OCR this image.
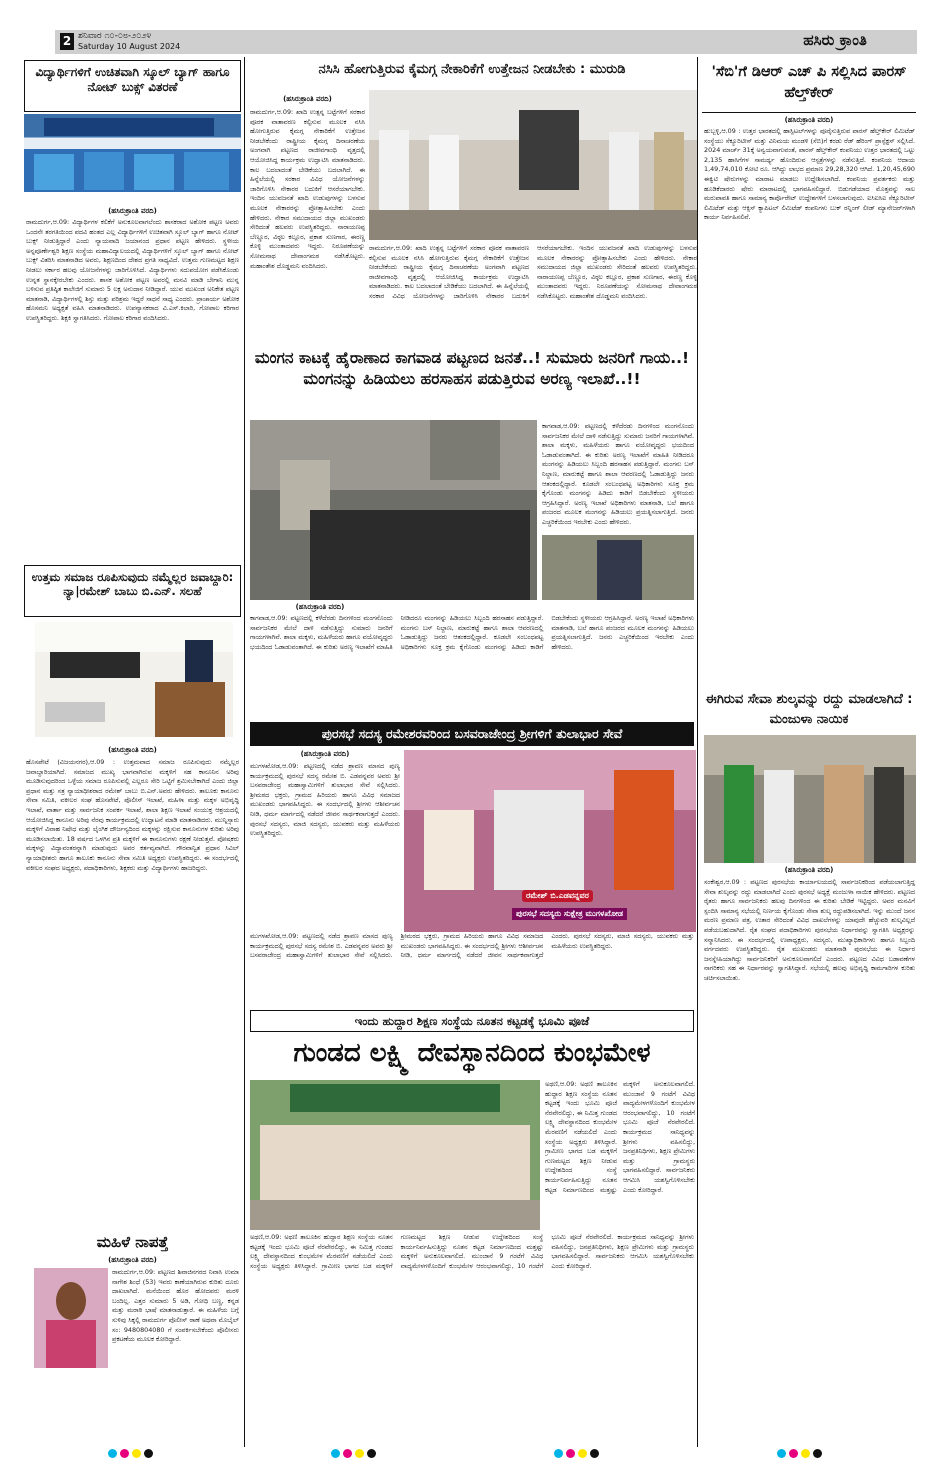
2 ಶನಿವಾರ ೧೦-೦೮-೨೦೨೪
Saturday 10 August 2024	ಹಸಿರು ಕ್ರಾಂತಿ
ವಿದ್ಯಾರ್ಥಿಗಳಿಗೆ ಉಚಿತವಾಗಿ ಸ್ಕೂಲ್ ಬ್ಯಾಗ್ ಹಾಗೂ ನೋಟ್ ಬುಕ್ಸ್ ವಿತರಣೆ
(ಹಸಿರುಕ್ರಾಂತಿ ವರದಿ)
ರಾಮದುರ್ಗ,ಆ.09: ವಿದ್ಯಾರ್ಥಿಗಳ ಕಲಿಕೆಗೆ ಅನುಕೂಲವಾಗಲೆಂದು ಶಾಸಕರಾದ ಅಶೋಕ ಪಟ್ಟಣ ಅವರು ಒಂದನೇ ತರಗತಿಯಿಂದ ಪದವಿ ಹಂತದ ಎಲ್ಲ ವಿದ್ಯಾರ್ಥಿಗಳಿಗೆ ಉಚಿತವಾಗಿ ಸ್ಕೂಲ್ ಬ್ಯಾಗ್ ಹಾಗೂ ನೋಟ್ ಬುಕ್ಸ್ ನೀಡುತ್ತಿದ್ದಾರೆ ಎಂದು ನ್ಯಾಯವಾದಿ ಜಯಾನಂದ ಪ್ರಧಾನ ಪಟ್ಟಣ ಹೇಳಿದರು. ಸ್ಥಳೀಯ ಅನ್ನಪೂರ್ಣೇಶ್ವರಿ ಶಿಕ್ಷಣ ಸಂಸ್ಥೆಯ ಮಹಾವಿದ್ಯಾಲಯದಲ್ಲಿ ವಿದ್ಯಾರ್ಥಿಗಳಿಗೆ ಸ್ಕೂಲ್ ಬ್ಯಾಗ್ ಹಾಗೂ ನೋಟ್ ಬುಕ್ಸ್ ವಿತರಿಸಿ ಮಾತನಾಡಿದ ಅವರು, ಶಿಕ್ಷಣದಿಂದ ದೇಶದ ಪ್ರಗತಿ ಸಾಧ್ಯವಿದೆ. ಉತ್ತಮ ಗುಣಮಟ್ಟದ ಶಿಕ್ಷಣ ನೀಡಲು ಸರ್ಕಾರ ಹಲವು ಯೋಜನೆಗಳನ್ನು ಜಾರಿಗೊಳಿಸಿದೆ. ವಿದ್ಯಾರ್ಥಿಗಳು ಸದುಪಯೋಗ ಪಡೆಸಿಕೊಂಡು ಉನ್ನತ ಸ್ಥಾನಕ್ಕೇರಬೇಕು ಎಂದರು. ಶಾಸಕ ಅಶೋಕ ಪಟ್ಟಣ ಅವರಲ್ಲಿ ಮನವಿ ಮಾಡಿ ಬೇಗಾನಿ ಮುನ್ನ ಬಳಿಸುವ ಪ್ರತಿಷ್ಠಿತ ಕಾಲೇಜಿಗೆ ಸುಮಾರು 5 ಲಕ್ಷ ಅನುದಾನ ನೀಡಿದ್ದಾರೆ. ಯುವ ಮುಖಂಡ ಅನಿಕೇತ ಪಟ್ಟಣ ಮಾತನಾಡಿ, ವಿದ್ಯಾರ್ಥಿಗಳಲ್ಲಿ ಶಿಸ್ತು ಮತ್ತು ಪರಿಶ್ರಮ ಇದ್ದರೆ ಸಾಧನೆ ಸಾಧ್ಯ ಎಂದರು. ಪ್ರಾಚಾರ್ಯ ಅಶೋಕ ಹೊಸಮನಿ ಅಧ್ಯಕ್ಷತೆ ವಹಿಸಿ ಮಾತನಾಡಿದರು. ಉಪನ್ಯಾಸಕರಾದ ವಿ.ಎಸ್.ಕಿಲಾರಿ, ಗೋಪಾಲ ಕರಿಗಾರ ಉಪಸ್ಥಿತರಿದ್ದರು. ಶಿಕ್ಷಕಿ ಸ್ವಾಗತಿಸಿದರು. ಗೋಪಾಲ ಕರಿಗಾರ ವಂದಿಸಿದರು.
ಉತ್ತಮ ಸಮಾಜ ರೂಪಿಸುವುದು ನಮ್ಮೆಲ್ಲರ ಜವಾಬ್ದಾರಿ: ನ್ಯಾ|ರಮೇಶ್ ಬಾಬು ಬಿ.ಎನ್. ಸಲಹೆ
(ಹಸಿರುಕ್ರಾಂತಿ ವರದಿ)
ಹೊಸಪೇಟೆ (ವಿಜಯನಗರ),ಆ.09 : ಉತ್ತಮವಾದ ಸಮಾಜ ರೂಪಿಸುವುದು ನಮ್ಮೆಲ್ಲರ ಜವಾಬ್ದಾರಿಯಾಗಿದೆ. ಸಮಾಜದ ಮುಖ್ಯ ಭಾಗವಾಗಿರುವ ಮಕ್ಕಳಿಗೆ ಸಹ ಕಾನೂನಿನ ಅರಿವು ಮೂಡಿಸುವುದರಿಂದ ಒಳ್ಳೆಯ ಸಮಾಜ ರೂಪಿಸುವಲ್ಲಿ ಎಲ್ಲರೂ ಸೇರಿ ಒಟ್ಟಿಗೆ ಶ್ರಮಿಸಬೇಕಾಗಿದೆ ಎಂದು ಜಿಲ್ಲಾ ಪ್ರಧಾನ ಮತ್ತು ಸತ್ರ ನ್ಯಾಯಾಧೀಶರಾದ ರಮೇಶ್ ಬಾಬು ಬಿ.ಎನ್.ಅವರು ಹೇಳಿದರು. ತಾಲೂಕು ಕಾನೂನು ಸೇವಾ ಸಮಿತಿ, ವಕೀಲರ ಸಂಘ ಹೊಸಪೇಟೆ, ಪೊಲೀಸ್ ಇಲಾಖೆ, ಮಹಿಳಾ ಮತ್ತು ಮಕ್ಕಳ ಅಭಿವೃದ್ಧಿ ಇಲಾಖೆ, ವಾರ್ತಾ ಮತ್ತು ಸಾರ್ವಜನಿಕ ಸಂಪರ್ಕ ಇಲಾಖೆ, ಶಾಲಾ ಶಿಕ್ಷಣ ಇಲಾಖೆ ಸಂಯುಕ್ತ ಆಶ್ರಯದಲ್ಲಿ ಆಯೋಜಿಸಿದ್ದ ಕಾನೂನು ಅರಿವು ನೆರವು ಕಾರ್ಯಕ್ರಮದಲ್ಲಿ ಉದ್ಘಾಟನೆ ಮಾಡಿ ಮಾತನಾಡಿದರು. ಮುನ್ನಿಸ್ಸಾರು ಮಕ್ಕಳಿಗೆ ವಿವಾಹ ನಿಷೇಧ ಮತ್ತು ಲೈಂಗಿಕ ದೌರ್ಜನ್ಯದಿಂದ ಮಕ್ಕಳನ್ನು ರಕ್ಷಿಸುವ ಕಾನೂನುಗಳ ಕುರಿತು ಅರಿವು ಮೂಡಿಸಲಾಯಿತು. 18 ವರ್ಷದ ಒಳಗಿನ ಪ್ರತಿ ಮಕ್ಕಳಿಗೆ ಈ ಕಾನೂನುಗಳು ರಕ್ಷಣೆ ನೀಡುತ್ತವೆ. ಪೋಷಕರು ಮಕ್ಕಳನ್ನು ವಿದ್ಯಾವಂತರನ್ನಾಗಿ ಮಾಡುವುದು ಅವರ ಕರ್ತವ್ಯವಾಗಿದೆ. ಗೌರವಾನ್ವಿತ ಪ್ರಧಾನ ಸಿವಿಲ್ ನ್ಯಾಯಾಧೀಶರು ಹಾಗೂ ತಾಲೂಕು ಕಾನೂನು ಸೇವಾ ಸಮಿತಿ ಅಧ್ಯಕ್ಷರು ಉಪಸ್ಥಿತರಿದ್ದರು. ಈ ಸಂದರ್ಭದಲ್ಲಿ ವಕೀಲರ ಸಂಘದ ಅಧ್ಯಕ್ಷರು, ಪದಾಧಿಕಾರಿಗಳು, ಶಿಕ್ಷಕರು ಮತ್ತು ವಿದ್ಯಾರ್ಥಿಗಳು ಹಾಜರಿದ್ದರು.
ಮಹಿಳೆ ನಾಪತ್ತೆ
(ಹಸಿರುಕ್ರಾಂತಿ ವರದಿ)
ರಾಮದುರ್ಗ,ಆ.09: ಪಟ್ಟಣದ ಶಿವಾಜಿನಗರದ ನಿವಾಸಿ ಉಮಾ ನಾಗೇಶ ಶಿಂಧೆ (53) ಇವರು ಕಾಣೆಯಾಗಿರುವ ಕುರಿತು ದೂರು ದಾಖಲಾಗಿದೆ. ಮನೆಯಿಂದ ಹೊರ ಹೋದವರು ಮರಳಿ ಬಂದಿಲ್ಲ. ಎತ್ತರ ಸುಮಾರು 5 ಅಡಿ, ಗೋಧಿ ಬಣ್ಣ, ಕನ್ನಡ ಮತ್ತು ಮರಾಠಿ ಭಾಷೆ ಮಾತನಾಡುತ್ತಾರೆ. ಈ ಮಹಿಳೆಯ ಬಗ್ಗೆ ಸುಳಿವು ಸಿಕ್ಕಲ್ಲಿ ರಾಮದುರ್ಗ ಪೊಲೀಸ್ ಠಾಣೆ ಅಥವಾ ಮೊಬೈಲ್ ಸಂ: 9480804080 ಗೆ ಸಂಪರ್ಕಿಸಬೇಕೆಂದು ಪೊಲೀಸರು ಪ್ರಕಟಣೆಯ ಮೂಲಕ ಕೋರಿದ್ದಾರೆ.
ನಸಿಸಿ ಹೋಗುತ್ತಿರುವ ಕೈಮಗ್ಗ ನೇಕಾರಿಕೆಗೆ ಉತ್ತೇಜನ ನೀಡಬೇಕು : ಮುರುಡಿ
(ಹಸಿರುಕ್ರಾಂತಿ ವರದಿ)
ರಾಮದುರ್ಗ,ಆ.09: ಖಾದಿ ಉತ್ಪನ್ನ ಬಟ್ಟೆಗಳಿಗೆ ಸರಕಾರ ಪೂರಕ ವಾತಾವರಣ ಕಲ್ಪಿಸುವ ಮೂಲಕ ನಸಿಸಿ ಹೋಗುತ್ತಿರುವ ಕೈಮಗ್ಗ ನೇಕಾರಿಕೆಗೆ ಉತ್ತೇಜನ ನೀಡಬೇಕೆಂದು ರಾಷ್ಟ್ರೀಯ ಕೈಮಗ್ಗ ದಿನಾಚರಣೆಯ ಅಂಗವಾಗಿ ಪಟ್ಟಣದ ರಾಜೀವಗಾಂಧಿ ವೃತ್ತದಲ್ಲಿ ಆಯೋಜಿಸಿದ್ದ ಕಾರ್ಯಕ್ರಮ ಉದ್ಘಾಟಿಸಿ ಮಾತನಾಡಿದರು. ಕಾಲ ಬದಲಾದಂತೆ ಬೇಡಿಕೆಯು ಬದಲಾಗಿದೆ. ಈ ಹಿನ್ನೆಲೆಯಲ್ಲಿ ಸರಕಾರ ವಿವಿಧ ಯೋಜನೆಗಳನ್ನು ಜಾರಿಗೊಳಿಸಿ ನೇಕಾರರ ಬದುಕಿಗೆ ಆಸರೆಯಾಗಬೇಕು. ಇಂದಿನ ಯುವಜನತೆ ಖಾದಿ ಉಡುಪುಗಳನ್ನು ಬಳಸುವ ಮೂಲಕ ನೇಕಾರರನ್ನು ಪ್ರೋತ್ಸಾಹಿಸಬೇಕು ಎಂದು ಹೇಳಿದರು. ನೇಕಾರ ಸಮುದಾಯದ ಜಿಲ್ಲಾ ಮುಖಂಡರು ಸೇರಿದಂತೆ ಹಲವರು ಉಪಸ್ಥಿತರಿದ್ದರು. ನಾರಾಯಣಪ್ಪ ಬೆಣ್ಣೂರ, ವಿಠ್ಠಲ ಕಲ್ಲೂರ, ಪ್ರಕಾಶ ಸುಣಗಾರ, ಈರಣ್ಣ ಕೊಳ್ಳಿ ಮುಂತಾದವರು ಇದ್ದರು. ನಿರೂಪಣೆಯನ್ನು ಸೋಮನಾಥ ದೇವಾಂಗಮಠ ನಡೆಸಿಕೊಟ್ಟರು. ಮಹಾಂತೇಶ ದೊಡ್ಡಮನಿ ವಂದಿಸಿದರು.
ರಾಮದುರ್ಗ,ಆ.09: ಖಾದಿ ಉತ್ಪನ್ನ ಬಟ್ಟೆಗಳಿಗೆ ಸರಕಾರ ಪೂರಕ ವಾತಾವರಣ ಕಲ್ಪಿಸುವ ಮೂಲಕ ನಸಿಸಿ ಹೋಗುತ್ತಿರುವ ಕೈಮಗ್ಗ ನೇಕಾರಿಕೆಗೆ ಉತ್ತೇಜನ ನೀಡಬೇಕೆಂದು ರಾಷ್ಟ್ರೀಯ ಕೈಮಗ್ಗ ದಿನಾಚರಣೆಯ ಅಂಗವಾಗಿ ಪಟ್ಟಣದ ರಾಜೀವಗಾಂಧಿ ವೃತ್ತದಲ್ಲಿ ಆಯೋಜಿಸಿದ್ದ ಕಾರ್ಯಕ್ರಮ ಉದ್ಘಾಟಿಸಿ ಮಾತನಾಡಿದರು. ಕಾಲ ಬದಲಾದಂತೆ ಬೇಡಿಕೆಯು ಬದಲಾಗಿದೆ. ಈ ಹಿನ್ನೆಲೆಯಲ್ಲಿ ಸರಕಾರ ವಿವಿಧ ಯೋಜನೆಗಳನ್ನು ಜಾರಿಗೊಳಿಸಿ ನೇಕಾರರ ಬದುಕಿಗೆ ಆಸರೆಯಾಗಬೇಕು. ಇಂದಿನ ಯುವಜನತೆ ಖಾದಿ ಉಡುಪುಗಳನ್ನು ಬಳಸುವ ಮೂಲಕ ನೇಕಾರರನ್ನು ಪ್ರೋತ್ಸಾಹಿಸಬೇಕು ಎಂದು ಹೇಳಿದರು. ನೇಕಾರ ಸಮುದಾಯದ ಜಿಲ್ಲಾ ಮುಖಂಡರು ಸೇರಿದಂತೆ ಹಲವರು ಉಪಸ್ಥಿತರಿದ್ದರು. ನಾರಾಯಣಪ್ಪ ಬೆಣ್ಣೂರ, ವಿಠ್ಠಲ ಕಲ್ಲೂರ, ಪ್ರಕಾಶ ಸುಣಗಾರ, ಈರಣ್ಣ ಕೊಳ್ಳಿ ಮುಂತಾದವರು ಇದ್ದರು. ನಿರೂಪಣೆಯನ್ನು ಸೋಮನಾಥ ದೇವಾಂಗಮಠ ನಡೆಸಿಕೊಟ್ಟರು. ಮಹಾಂತೇಶ ದೊಡ್ಡಮನಿ ವಂದಿಸಿದರು.
ಮಂಗನ ಕಾಟಕ್ಕೆ ಹೈರಾಣಾದ ಕಾಗವಾಡ ಪಟ್ಟಣದ ಜನತೆ..! ಸುಮಾರು ಜನರಿಗೆ ಗಾಯ..! ಮಂಗನನ್ನು ಹಿಡಿಯಲು ಹರಸಾಹಸ ಪಡುತ್ತಿರುವ ಅರಣ್ಯ ಇಲಾಖೆ..!!
ಕಾಗವಾಡ,ಆ.09: ಪಟ್ಟಣದಲ್ಲಿ ಕಳೆದೆರಡು ದಿನಗಳಿಂದ ಮಂಗನೊಂದು ಸಾರ್ವಜನಿಕರ ಮೇಲೆ ದಾಳಿ ನಡೆಸುತ್ತಿದ್ದು ಸುಮಾರು ಜನರಿಗೆ ಗಾಯಗಳಾಗಿವೆ. ಶಾಲಾ ಮಕ್ಕಳು, ಮಹಿಳೆಯರು ಹಾಗೂ ವಯೋವೃದ್ಧರು ಭಯದಿಂದ ಓಡಾಡುವಂತಾಗಿದೆ. ಈ ಕುರಿತು ಅರಣ್ಯ ಇಲಾಖೆಗೆ ಮಾಹಿತಿ ನೀಡಿದರೂ ಮಂಗನನ್ನು ಹಿಡಿಯಲು ಸಿಬ್ಬಂದಿ ಹರಸಾಹಸ ಪಡುತ್ತಿದ್ದಾರೆ. ಮಂಗನು ಬಸ್ ನಿಲ್ದಾಣ, ಮಾರುಕಟ್ಟೆ ಹಾಗೂ ಶಾಲಾ ಆವರಣದಲ್ಲಿ ಓಡಾಡುತ್ತಿದ್ದು ಜನರು ಆತಂಕದಲ್ಲಿದ್ದಾರೆ. ಕೂಡಲೇ ಸಂಬಂಧಪಟ್ಟ ಅಧಿಕಾರಿಗಳು ಸೂಕ್ತ ಕ್ರಮ ಕೈಗೊಂಡು ಮಂಗನನ್ನು ಹಿಡಿದು ಕಾಡಿಗೆ ಬಿಡಬೇಕೆಂದು ಸ್ಥಳೀಯರು ಆಗ್ರಹಿಸಿದ್ದಾರೆ. ಅರಣ್ಯ ಇಲಾಖೆ ಅಧಿಕಾರಿಗಳು ಮಾತನಾಡಿ, ಬಲೆ ಹಾಗೂ ಪಂಜರದ ಮೂಲಕ ಮಂಗನನ್ನು ಹಿಡಿಯಲು ಪ್ರಯತ್ನಿಸಲಾಗುತ್ತಿದೆ. ಜನರು ಎಚ್ಚರಿಕೆಯಿಂದ ಇರಬೇಕು ಎಂದು ಹೇಳಿದರು.
(ಹಸಿರುಕ್ರಾಂತಿ ವರದಿ)
ಕಾಗವಾಡ,ಆ.09: ಪಟ್ಟಣದಲ್ಲಿ ಕಳೆದೆರಡು ದಿನಗಳಿಂದ ಮಂಗನೊಂದು ಸಾರ್ವಜನಿಕರ ಮೇಲೆ ದಾಳಿ ನಡೆಸುತ್ತಿದ್ದು ಸುಮಾರು ಜನರಿಗೆ ಗಾಯಗಳಾಗಿವೆ. ಶಾಲಾ ಮಕ್ಕಳು, ಮಹಿಳೆಯರು ಹಾಗೂ ವಯೋವೃದ್ಧರು ಭಯದಿಂದ ಓಡಾಡುವಂತಾಗಿದೆ. ಈ ಕುರಿತು ಅರಣ್ಯ ಇಲಾಖೆಗೆ ಮಾಹಿತಿ ನೀಡಿದರೂ ಮಂಗನನ್ನು ಹಿಡಿಯಲು ಸಿಬ್ಬಂದಿ ಹರಸಾಹಸ ಪಡುತ್ತಿದ್ದಾರೆ. ಮಂಗನು ಬಸ್ ನಿಲ್ದಾಣ, ಮಾರುಕಟ್ಟೆ ಹಾಗೂ ಶಾಲಾ ಆವರಣದಲ್ಲಿ ಓಡಾಡುತ್ತಿದ್ದು ಜನರು ಆತಂಕದಲ್ಲಿದ್ದಾರೆ. ಕೂಡಲೇ ಸಂಬಂಧಪಟ್ಟ ಅಧಿಕಾರಿಗಳು ಸೂಕ್ತ ಕ್ರಮ ಕೈಗೊಂಡು ಮಂಗನನ್ನು ಹಿಡಿದು ಕಾಡಿಗೆ ಬಿಡಬೇಕೆಂದು ಸ್ಥಳೀಯರು ಆಗ್ರಹಿಸಿದ್ದಾರೆ. ಅರಣ್ಯ ಇಲಾಖೆ ಅಧಿಕಾರಿಗಳು ಮಾತನಾಡಿ, ಬಲೆ ಹಾಗೂ ಪಂಜರದ ಮೂಲಕ ಮಂಗನನ್ನು ಹಿಡಿಯಲು ಪ್ರಯತ್ನಿಸಲಾಗುತ್ತಿದೆ. ಜನರು ಎಚ್ಚರಿಕೆಯಿಂದ ಇರಬೇಕು ಎಂದು ಹೇಳಿದರು.
ಪುರಸಭೆ ಸದಸ್ಯ ರಮೇಶರವರಿಂದ ಬಸವರಾಜೇಂದ್ರ ಶ್ರೀಗಳಿಗೆ ತುಲಾಭಾರ ಸೇವೆ
(ಹಸಿರುಕ್ರಾಂತಿ ವರದಿ)
ಮುಗಳಖೋಡ,ಆ.09: ಪಟ್ಟಣದಲ್ಲಿ ನಡೆದ ಶ್ರಾವಣ ಮಾಸದ ಪುಣ್ಯ ಕಾರ್ಯಕ್ರಮದಲ್ಲಿ ಪುರಸಭೆ ಸದಸ್ಯ ರಮೇಶ ಬಿ. ಎಡವನ್ನವರ ಅವರು ಶ್ರೀ ಬಸವರಾಜೇಂದ್ರ ಮಹಾಸ್ವಾಮಿಗಳಿಗೆ ತುಲಾಭಾರ ಸೇವೆ ಸಲ್ಲಿಸಿದರು. ಶ್ರೀಮಠದ ಭಕ್ತರು, ಗ್ರಾಮದ ಹಿರಿಯರು ಹಾಗೂ ವಿವಿಧ ಸಮಾಜದ ಮುಖಂಡರು ಭಾಗವಹಿಸಿದ್ದರು. ಈ ಸಂದರ್ಭದಲ್ಲಿ ಶ್ರೀಗಳು ಆಶೀರ್ವಚನ ನೀಡಿ, ಧರ್ಮ ಮಾರ್ಗದಲ್ಲಿ ನಡೆದರೆ ಜೀವನ ಸಾರ್ಥಕವಾಗುತ್ತದೆ ಎಂದರು. ಪುರಸಭೆ ಸದಸ್ಯರು, ಮಾಜಿ ಸದಸ್ಯರು, ಯುವಕರು ಮತ್ತು ಮಹಿಳೆಯರು ಉಪಸ್ಥಿತರಿದ್ದರು.
ರಮೇಶ್ ಬಿ.ಎಡವನ್ನವರ
ಪುರಸಭೆ ಸದಸ್ಯರು ಸುಕ್ಷೇತ್ರ ಮುಗಳಖೋಡ
ಮುಗಳಖೋಡ,ಆ.09: ಪಟ್ಟಣದಲ್ಲಿ ನಡೆದ ಶ್ರಾವಣ ಮಾಸದ ಪುಣ್ಯ ಕಾರ್ಯಕ್ರಮದಲ್ಲಿ ಪುರಸಭೆ ಸದಸ್ಯ ರಮೇಶ ಬಿ. ಎಡವನ್ನವರ ಅವರು ಶ್ರೀ ಬಸವರಾಜೇಂದ್ರ ಮಹಾಸ್ವಾಮಿಗಳಿಗೆ ತುಲಾಭಾರ ಸೇವೆ ಸಲ್ಲಿಸಿದರು. ಶ್ರೀಮಠದ ಭಕ್ತರು, ಗ್ರಾಮದ ಹಿರಿಯರು ಹಾಗೂ ವಿವಿಧ ಸಮಾಜದ ಮುಖಂಡರು ಭಾಗವಹಿಸಿದ್ದರು. ಈ ಸಂದರ್ಭದಲ್ಲಿ ಶ್ರೀಗಳು ಆಶೀರ್ವಚನ ನೀಡಿ, ಧರ್ಮ ಮಾರ್ಗದಲ್ಲಿ ನಡೆದರೆ ಜೀವನ ಸಾರ್ಥಕವಾಗುತ್ತದೆ ಎಂದರು. ಪುರಸಭೆ ಸದಸ್ಯರು, ಮಾಜಿ ಸದಸ್ಯರು, ಯುವಕರು ಮತ್ತು ಮಹಿಳೆಯರು ಉಪಸ್ಥಿತರಿದ್ದರು.
ಇಂದು ಹುದ್ದಾರ ಶಿಕ್ಷಣ ಸಂಸ್ಥೆಯ ನೂತನ ಕಟ್ಟಡಕ್ಕೆ ಭೂಮಿ ಪೂಜೆ
ಗುಂಡದ ಲಕ್ಷ್ಮಿ ದೇವಸ್ಥಾನದಿಂದ ಕುಂಭಮೇಳ
ಅಥಣಿ,ಆ.09: ಅಥಣಿ ತಾಲೂಕಿನ ಹುದ್ದಾರ ಶಿಕ್ಷಣ ಸಂಸ್ಥೆಯ ನೂತನ ಕಟ್ಟಡಕ್ಕೆ ಇಂದು ಭೂಮಿ ಪೂಜೆ ನೆರವೇರಲಿದ್ದು, ಈ ನಿಮಿತ್ತ ಗುಂಡದ ಲಕ್ಷ್ಮಿ ದೇವಸ್ಥಾನದಿಂದ ಕುಂಭಮೇಳ ಮೆರವಣಿಗೆ ನಡೆಯಲಿದೆ ಎಂದು ಸಂಸ್ಥೆಯ ಅಧ್ಯಕ್ಷರು ತಿಳಿಸಿದ್ದಾರೆ. ಗ್ರಾಮೀಣ ಭಾಗದ ಬಡ ಮಕ್ಕಳಿಗೆ ಗುಣಮಟ್ಟದ ಶಿಕ್ಷಣ ನೀಡುವ ಉದ್ದೇಶದಿಂದ ಸಂಸ್ಥೆ ಕಾರ್ಯನಿರ್ವಹಿಸುತ್ತಿದ್ದು ನೂತನ ಕಟ್ಟಡ ನಿರ್ಮಾಣದಿಂದ ಮತ್ತಷ್ಟು ಮಕ್ಕಳಿಗೆ ಅನುಕೂಲವಾಗಲಿದೆ. ಮುಂಜಾನೆ 9 ಗಂಟೆಗೆ ವಿವಿಧ ವಾದ್ಯಮೇಳಗಳೊಂದಿಗೆ ಕುಂಭಮೇಳ ಆರಂಭವಾಗಲಿದ್ದು, 10 ಗಂಟೆಗೆ ಭೂಮಿ ಪೂಜೆ ನೆರವೇರಲಿದೆ. ಕಾರ್ಯಕ್ರಮದ ಸಾನಿಧ್ಯವನ್ನು ಶ್ರೀಗಳು ವಹಿಸಲಿದ್ದು, ಜನಪ್ರತಿನಿಧಿಗಳು, ಶಿಕ್ಷಣ ಪ್ರೇಮಿಗಳು ಮತ್ತು ಗ್ರಾಮಸ್ಥರು ಭಾಗವಹಿಸಲಿದ್ದಾರೆ. ಸಾರ್ವಜನಿಕರು ಆಗಮಿಸಿ ಯಶಸ್ವಿಗೊಳಿಸಬೇಕು ಎಂದು ಕೋರಿದ್ದಾರೆ.
ಅಥಣಿ,ಆ.09: ಅಥಣಿ ತಾಲೂಕಿನ ಹುದ್ದಾರ ಶಿಕ್ಷಣ ಸಂಸ್ಥೆಯ ನೂತನ ಕಟ್ಟಡಕ್ಕೆ ಇಂದು ಭೂಮಿ ಪೂಜೆ ನೆರವೇರಲಿದ್ದು, ಈ ನಿಮಿತ್ತ ಗುಂಡದ ಲಕ್ಷ್ಮಿ ದೇವಸ್ಥಾನದಿಂದ ಕುಂಭಮೇಳ ಮೆರವಣಿಗೆ ನಡೆಯಲಿದೆ ಎಂದು ಸಂಸ್ಥೆಯ ಅಧ್ಯಕ್ಷರು ತಿಳಿಸಿದ್ದಾರೆ. ಗ್ರಾಮೀಣ ಭಾಗದ ಬಡ ಮಕ್ಕಳಿಗೆ ಗುಣಮಟ್ಟದ ಶಿಕ್ಷಣ ನೀಡುವ ಉದ್ದೇಶದಿಂದ ಸಂಸ್ಥೆ ಕಾರ್ಯನಿರ್ವಹಿಸುತ್ತಿದ್ದು ನೂತನ ಕಟ್ಟಡ ನಿರ್ಮಾಣದಿಂದ ಮತ್ತಷ್ಟು ಮಕ್ಕಳಿಗೆ ಅನುಕೂಲವಾಗಲಿದೆ. ಮುಂಜಾನೆ 9 ಗಂಟೆಗೆ ವಿವಿಧ ವಾದ್ಯಮೇಳಗಳೊಂದಿಗೆ ಕುಂಭಮೇಳ ಆರಂಭವಾಗಲಿದ್ದು, 10 ಗಂಟೆಗೆ ಭೂಮಿ ಪೂಜೆ ನೆರವೇರಲಿದೆ. ಕಾರ್ಯಕ್ರಮದ ಸಾನಿಧ್ಯವನ್ನು ಶ್ರೀಗಳು ವಹಿಸಲಿದ್ದು, ಜನಪ್ರತಿನಿಧಿಗಳು, ಶಿಕ್ಷಣ ಪ್ರೇಮಿಗಳು ಮತ್ತು ಗ್ರಾಮಸ್ಥರು ಭಾಗವಹಿಸಲಿದ್ದಾರೆ. ಸಾರ್ವಜನಿಕರು ಆಗಮಿಸಿ ಯಶಸ್ವಿಗೊಳಿಸಬೇಕು ಎಂದು ಕೋರಿದ್ದಾರೆ.
'ಸೆಬಿ'ಗೆ ಡಿಆರ್ ಎಚ್ ಪಿ ಸಲ್ಲಿಸಿದ ಪಾರಸ್ ಹೆಲ್ತ್‌ಕೇರ್
(ಹಸಿರುಕ್ರಾಂತಿ ವರದಿ)
ಹುಬ್ಬಳ್ಳಿ,ಆ.09 : ಉತ್ತರ ಭಾರತದಲ್ಲಿ ಹಾಸ್ಪಿಟಲ್‌ಗಳನ್ನು ಪೂರೈಸುತ್ತಿರುವ ಪಾರಸ್ ಹೆಲ್ತ್‌ಕೇರ್ ಲಿಮಿಟೆಡ್ ಸಂಸ್ಥೆಯು ಸೆಕ್ಯೂರಿಟೀಸ್ ಮತ್ತು ವಿನಿಮಯ ಮಂಡಳಿ (ಸೆಬಿ)ಗೆ ಕರಡು ರೆಡ್ ಹೆರಿಂಗ್ ಪ್ರಾಸ್ಪೆಕ್ಟಸ್ ಸಲ್ಲಿಸಿದೆ. 2024 ಮಾರ್ಚ್ 31ಕ್ಕೆ ಅನ್ವಯವಾಗುವಂತೆ, ಪಾರಸ್ ಹೆಲ್ತ್‌ಕೇರ್ ಕಂಪನಿಯು ಉತ್ತರ ಭಾರತದಲ್ಲಿ ಒಟ್ಟು 2,135 ಹಾಸಿಗೆಗಳ ಸಾಮರ್ಥ್ಯ ಹೊಂದಿರುವ ಆಸ್ಪತ್ರೆಗಳನ್ನು ನಡೆಸುತ್ತಿದೆ. ಕಂಪನಿಯ ಆದಾಯ 1,49,74,010 ಕೋಟಿ ರೂ. ಆಗಿದ್ದು ಲಾಭದ ಪ್ರಮಾಣ 29,28,320 ಆಗಿದೆ. 1,20,45,690 ಈಕ್ವಿಟಿ ಷೇರುಗಳನ್ನು ಮಾರಾಟ ಮಾಡಲು ಉದ್ದೇಶಿಸಲಾಗಿದೆ. ಕಂಪನಿಯ ಪ್ರವರ್ತಕರು ಮತ್ತು ಹೂಡಿಕೆದಾರರು ಷೇರು ಮಾರಾಟದಲ್ಲಿ ಭಾಗವಹಿಸಲಿದ್ದಾರೆ. ಬಿಡುಗಡೆಯಾದ ಮೊತ್ತವನ್ನು ಸಾಲ ಮರುಪಾವತಿ ಹಾಗೂ ಸಾಮಾನ್ಯ ಕಾರ್ಪೊರೇಟ್ ಉದ್ದೇಶಗಳಿಗೆ ಬಳಸಲಾಗುವುದು. ಐಸಿಐಸಿಐ ಸೆಕ್ಯೂರಿಟೀಸ್ ಲಿಮಿಟೆಡ್ ಮತ್ತು ಆಕ್ಸಿಸ್ ಕ್ಯಾಪಿಟಲ್ ಲಿಮಿಟೆಡ್ ಕಂಪನಿಗಳು ಬುಕ್ ರನ್ನಿಂಗ್ ಲೀಡ್ ಮ್ಯಾನೇಜರ್‌ಗಳಾಗಿ ಕಾರ್ಯ ನಿರ್ವಹಿಸಲಿವೆ.
ಈಗಿರುವ ಸೇವಾ ಶುಲ್ಕವನ್ನು ರದ್ದು ಮಾಡಲಾಗಿದೆ : ಮಂಜುಳಾ ನಾಯಿಕ
(ಹಸಿರುಕ್ರಾಂತಿ ವರದಿ)
ಸಂಕೇಶ್ವರ,ಆ.09 : ಪಟ್ಟಣದ ಪುರಸಭೆಯ ಕಾರ್ಯಾಲಯದಲ್ಲಿ ಸಾರ್ವಜನಿಕರಿಂದ ಪಡೆಯಲಾಗುತ್ತಿದ್ದ ಸೇವಾ ಶುಲ್ಕವನ್ನು ರದ್ದು ಮಾಡಲಾಗಿದೆ ಎಂದು ಪುರಸಭೆ ಅಧ್ಯಕ್ಷೆ ಮಂಜುಳಾ ನಾಯಿಕ ಹೇಳಿದರು. ಪಟ್ಟಣದ ರೈತರು ಹಾಗೂ ಸಾರ್ವಜನಿಕರು ಹಲವು ದಿನಗಳಿಂದ ಈ ಕುರಿತು ಬೇಡಿಕೆ ಇಟ್ಟಿದ್ದರು. ಅವರ ಮನವಿಗೆ ಸ್ಪಂದಿಸಿ ಸಾಮಾನ್ಯ ಸಭೆಯಲ್ಲಿ ನಿರ್ಣಯ ಕೈಗೊಂಡು ಸೇವಾ ಶುಲ್ಕ ರದ್ದುಪಡಿಸಲಾಗಿದೆ. ಇನ್ನು ಮುಂದೆ ಜನನ ಮರಣ ಪ್ರಮಾಣ ಪತ್ರ, ಉತಾರ ಸೇರಿದಂತೆ ವಿವಿಧ ದಾಖಲೆಗಳನ್ನು ಯಾವುದೇ ಹೆಚ್ಚುವರಿ ಶುಲ್ಕವಿಲ್ಲದೆ ಪಡೆಯಬಹುದಾಗಿದೆ. ರೈತ ಸಂಘದ ಪದಾಧಿಕಾರಿಗಳು ಪುರಸಭೆಯ ನಿರ್ಧಾರವನ್ನು ಸ್ವಾಗತಿಸಿ ಅಧ್ಯಕ್ಷರನ್ನು ಸನ್ಮಾನಿಸಿದರು. ಈ ಸಂದರ್ಭದಲ್ಲಿ ಉಪಾಧ್ಯಕ್ಷರು, ಸದಸ್ಯರು, ಮುಖ್ಯಾಧಿಕಾರಿಗಳು ಹಾಗೂ ಸಿಬ್ಬಂದಿ ವರ್ಗದವರು ಉಪಸ್ಥಿತರಿದ್ದರು. ರೈತ ಮುಖಂಡರು ಮಾತನಾಡಿ ಪುರಸಭೆಯ ಈ ನಿರ್ಧಾರ ಜನಸ್ನೇಹಿಯಾಗಿದ್ದು ಸಾರ್ವಜನಿಕರಿಗೆ ಅನುಕೂಲವಾಗಲಿದೆ ಎಂದರು. ಪಟ್ಟಣದ ವಿವಿಧ ಬಡಾವಣೆಗಳ ನಾಗರಿಕರು ಸಹ ಈ ನಿರ್ಧಾರವನ್ನು ಸ್ವಾಗತಿಸಿದ್ದಾರೆ. ಸಭೆಯಲ್ಲಿ ಹಲವು ಅಭಿವೃದ್ಧಿ ಕಾಮಗಾರಿಗಳ ಕುರಿತು ಚರ್ಚಿಸಲಾಯಿತು.
